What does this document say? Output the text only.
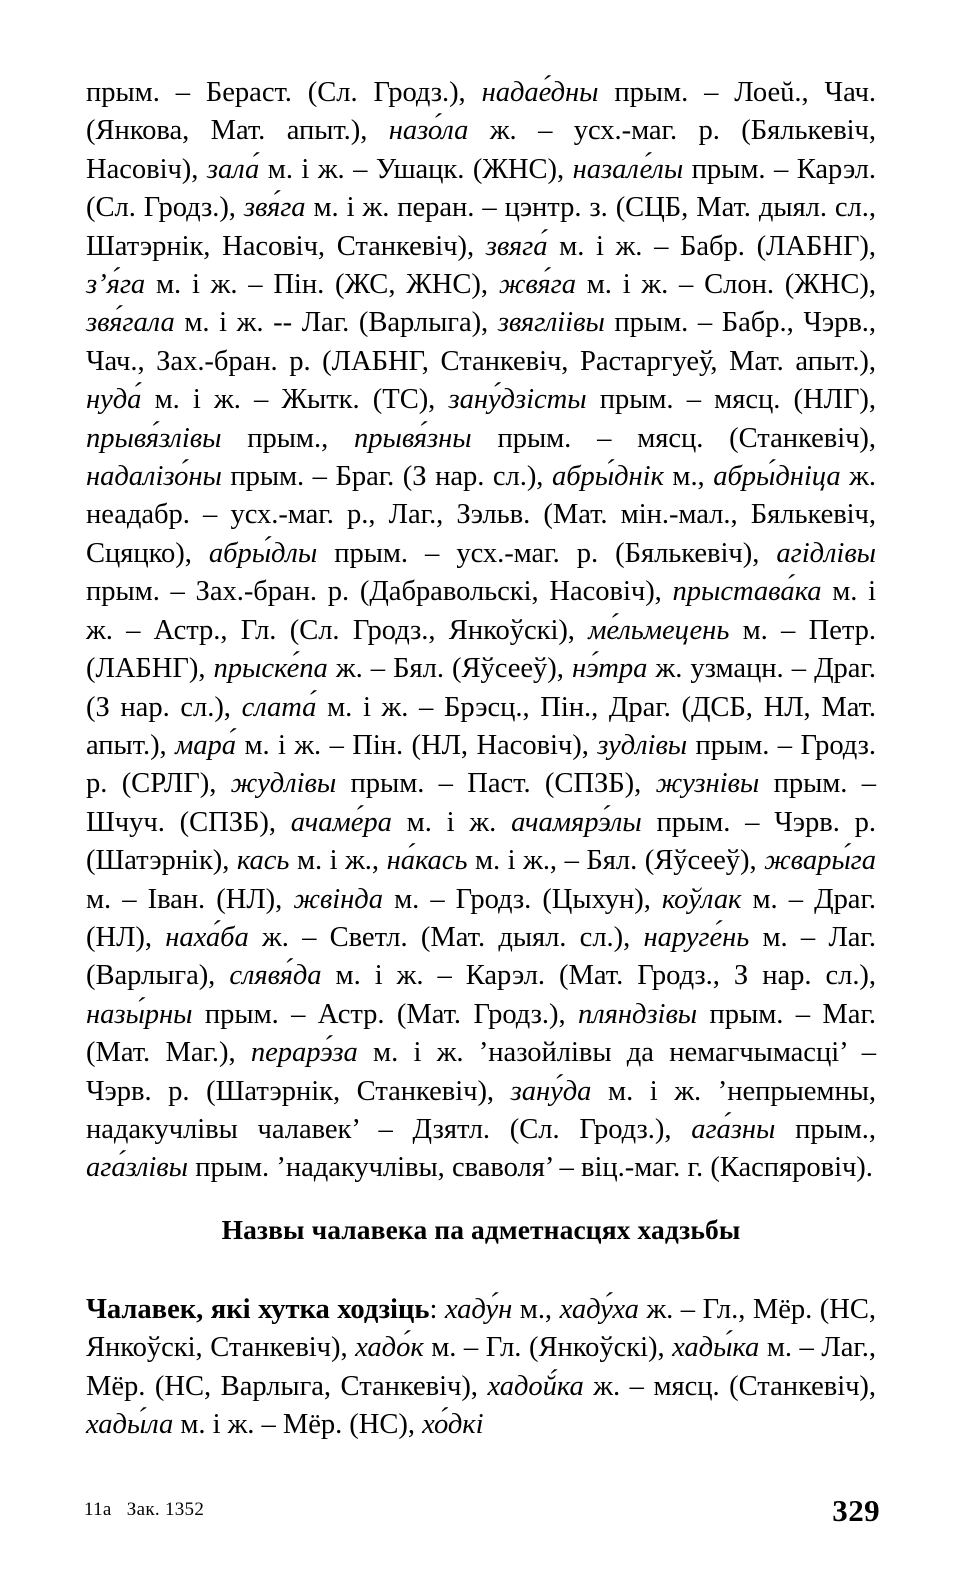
прым. – Бераст. (Сл. Гродз.), надае́дны прым. – Лоеŭ., Чач. (Янкова, Мат. апыт.), назо́ла ж. – усх.-маг. р. (Бялькевіч, Насовіч), зала́ м. і ж. – Ушацк. (ЖНС), назале́лы прым. – Карэл. (Сл. Гродз.), звя́га м. і ж. перан. – цэнтр. з. (СЦБ, Мат. дыял. сл., Шатэрнік, Насовіч, Станкевіч), звяга́ м. і ж. – Бабр. (ЛАБНГ), з’я́га м. і ж. – Пін. (ЖС, ЖНС), жвя́га м. і ж. – Слон. (ЖНС), звя́гала м. і ж. -- Лаг. (Варлыга), звягліівы прым. – Бабр., Чэрв., Чач., Зах.-бран. р. (ЛАБНГ, Станкевіч, Растаргуеў, Мат. апыт.), нуда́ м. і ж. – Жытк. (ТС), зану́дзісты прым. – мясц. (НЛГ), прывя́злівы прым., прывя́зны прым. – мясц. (Станкевіч), надалізо́ны прым. – Браг. (З нар. сл.), абры́днік м., абры́дніца ж. неадабр. – усх.-маг. р., Лаг., Зэльв. (Мат. мін.-мал., Бялькевіч, Сцяцко), абры́длы прым. – усх.-маг. р. (Бялькевіч), агідлівы прым. – Зах.-бран. р. (Дабравольскі, Насовіч), прыстава́ка м. і ж. – Астр., Гл. (Сл. Гродз., Янкоўскі), ме́льмецень м. – Петр. (ЛАБНГ), прыске́па ж. – Бял. (Яўсееў), нэ́тра ж. узмацн. – Драг. (З нар. сл.), слата́ м. і ж. – Брэсц., Пін., Драг. (ДСБ, НЛ, Мат. апыт.), мара́ м. і ж. – Пін. (НЛ, Насовіч), зудлівы прым. – Гродз. р. (СРЛГ), жудлівы прым. – Паст. (СПЗБ), жузнівы прым. – Шчуч. (СПЗБ), ачаме́ра м. і ж. ачамярэ́лы прым. – Чэрв. р. (Шатэрнік), кась м. і ж., на́кась м. і ж., – Бял. (Яўсееў), жвары́га м. – Іван. (НЛ), жвінда м. – Гродз. (Цыхун), коўлак м. – Драг. (НЛ), наха́ба ж. – Светл. (Мат. дыял. сл.), наруге́нь м. – Лаг. (Варлыга), слявя́да м. і ж. – Карэл. (Мат. Гродз., З нар. сл.), назы́рны прым. – Астр. (Мат. Гродз.), пляндзівы прым. – Маг. (Мат. Маг.), перарэ́за м. і ж. ’назойлівы да немагчымасці’ – Чэрв. р. (Шатэрнік, Станкевіч), зану́да м. і ж. ’непрыемны, надакучлівы чалавек’ – Дзятл. (Сл. Гродз.), ага́зны прым., ага́злівы прым. ’надакучлівы, сваволя’ – віц.-маг. г. (Каспяровіч).

Назвы чалавека па адметнасцях хадзьбы

Чалавек, які хутка ходзіць: хаду́н м., хаду́ха ж. – Гл., Мёр. (НС, Янкоўскі, Станкевіч), хадо́к м. – Гл. (Янкоўскі), хады́ка м. – Лаг., Мёр. (НС, Варлыга, Станкевіч), хадоŭ́ка ж. – мясц. (Станкевіч), хады́ла м. і ж. – Мёр. (НС), хо́дкі

11а   Зак. 1352	329
